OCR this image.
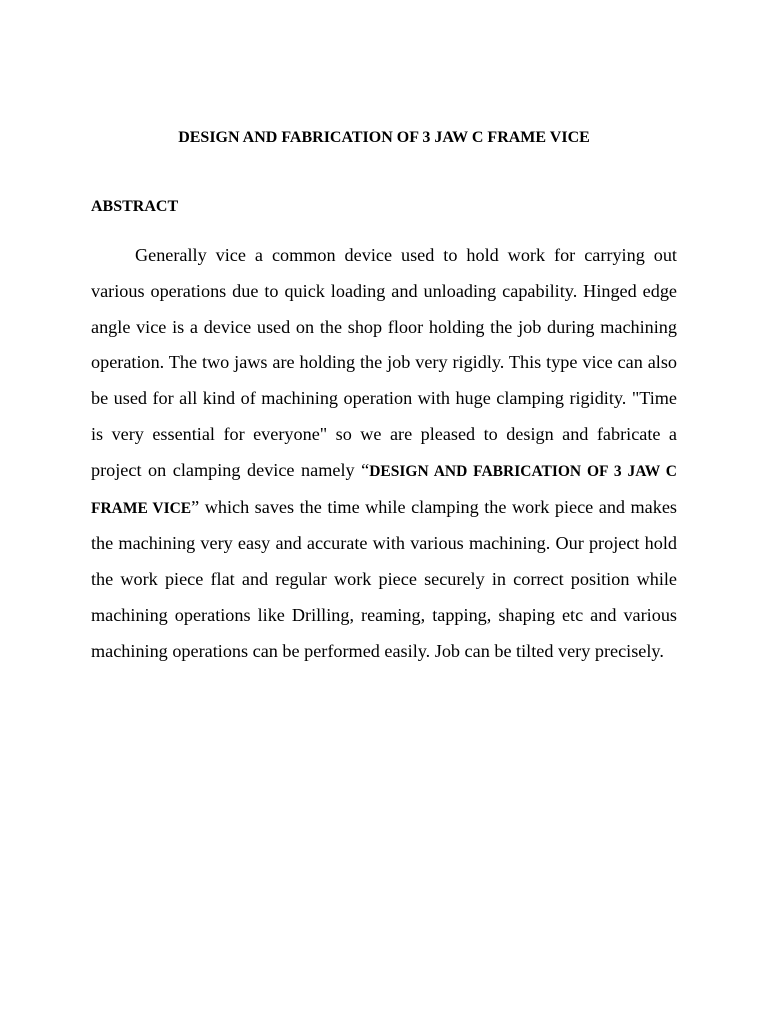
DESIGN AND FABRICATION OF 3 JAW C FRAME VICE
ABSTRACT

Generally vice a common device used to hold work for carrying out various operations due to quick loading and unloading capability. Hinged edge angle vice is a device used on the shop floor holding the job during machining operation. The two jaws are holding the job very rigidly. This type vice can also be used for all kind of machining operation with huge clamping rigidity. "Time is very essential for everyone" so we are pleased to design and fabricate a project on clamping device namely “DESIGN AND FABRICATION OF 3 JAW C FRAME VICE” which saves the time while clamping the work piece and makes the machining very easy and accurate with various machining. Our project hold the work piece flat and regular work piece securely in correct position while machining operations like Drilling, reaming, tapping, shaping etc and various machining operations can be performed easily. Job can be tilted very precisely.
